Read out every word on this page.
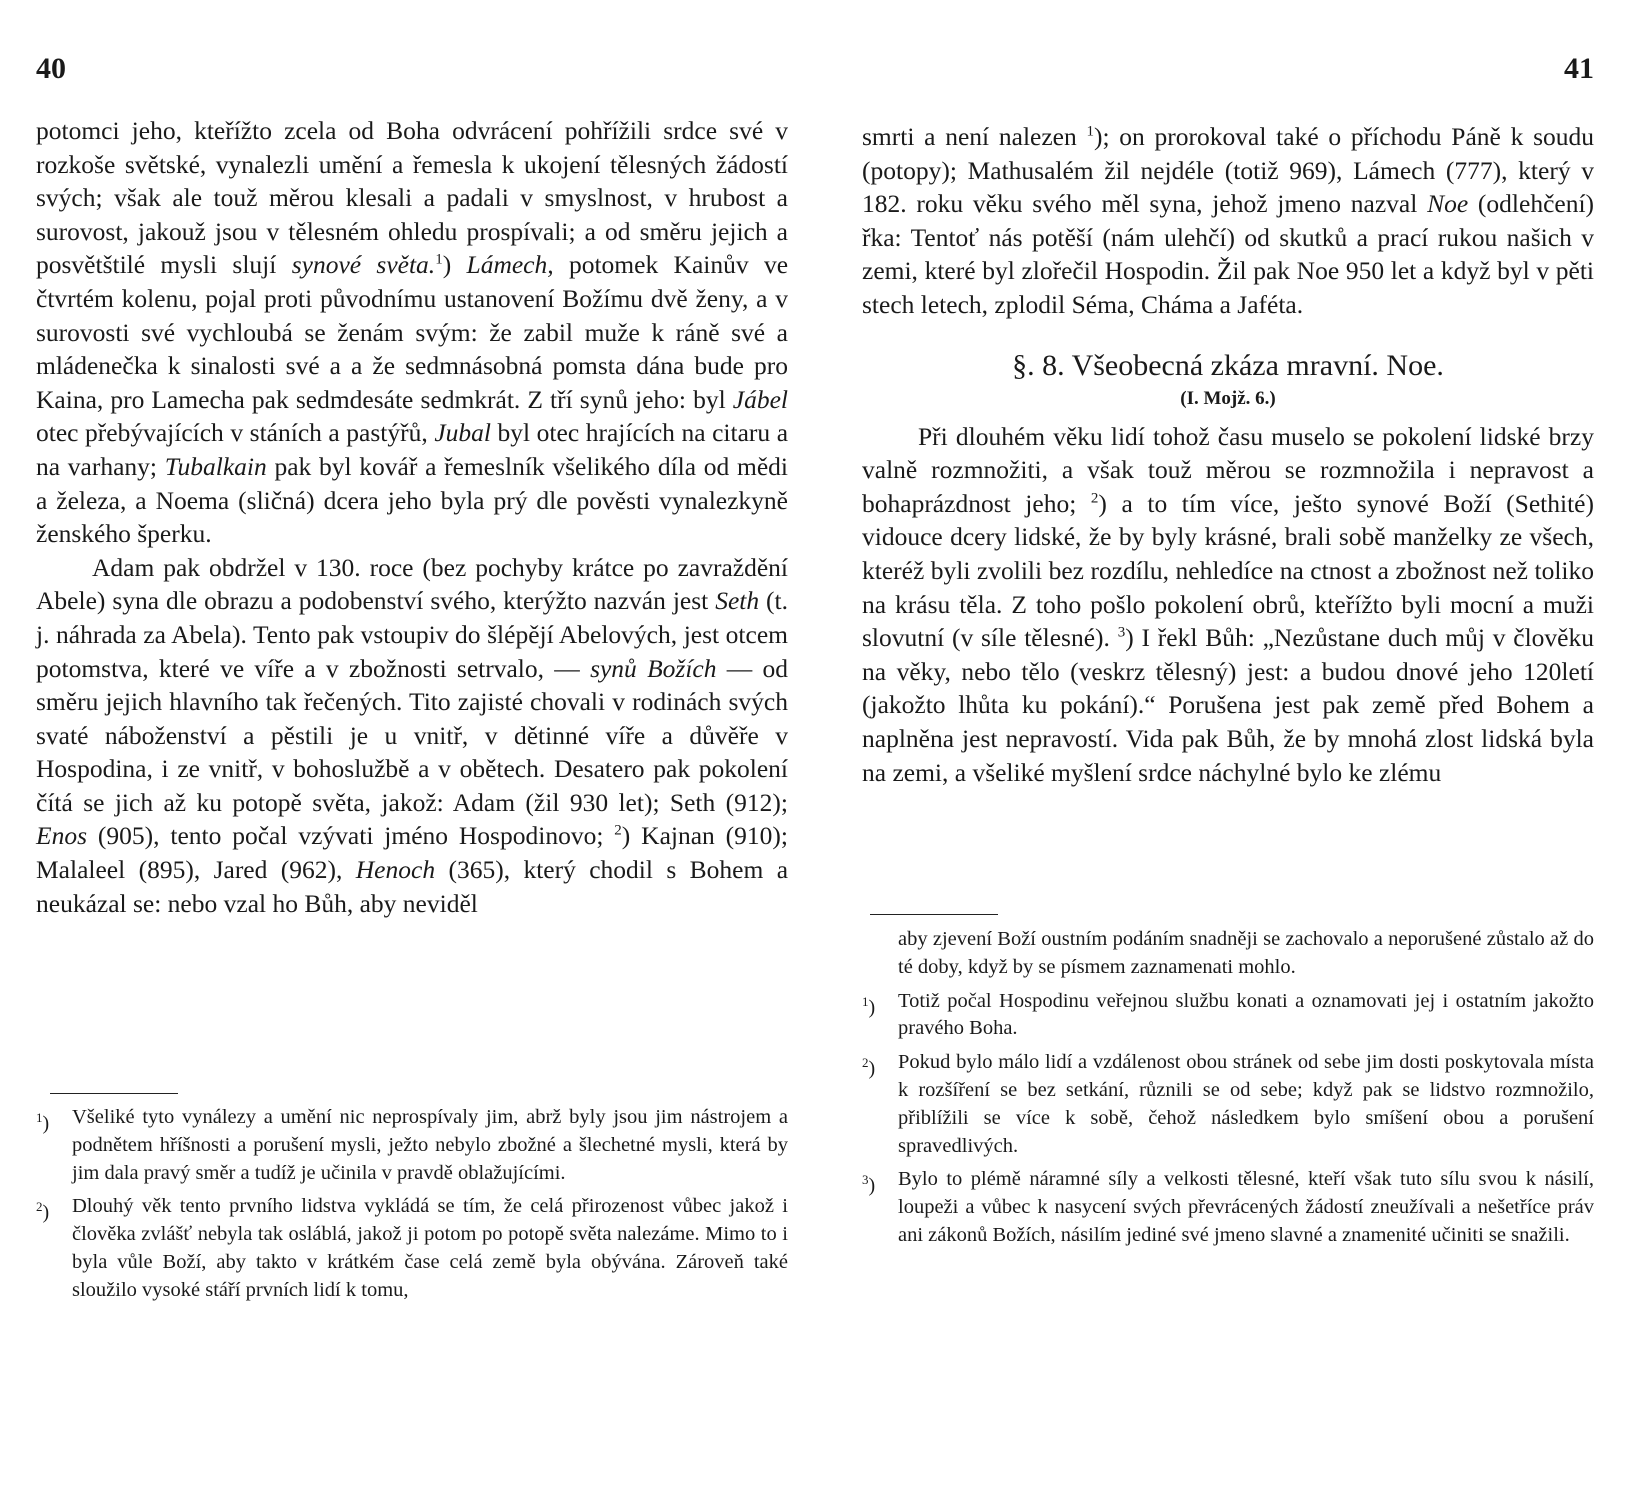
40

potomci jeho, kteřížto zcela od Boha odvrácení pohřížili srdce své v rozkoše světské, vynalezli umění a řemesla k ukojení tělesných žádostí svých; však ale touž měrou klesali a padali v smyslnost, v hrubost a surovost, jakouž jsou v tělesném ohledu prospívali; a od směru jejich a posvětštilé mysli slují synové světa.$^1$) Lámech, potomek Kainův ve čtvrtém kolenu, pojal proti původnímu ustanovení Božímu dvě ženy, a v surovosti své vychloubá se ženám svým: že zabil muže k ráně své a mládenečka k sinalosti své a a že sedmnásobná pomsta dána bude pro Kaina, pro Lamecha pak sedmdesáte sedmkrát. Z tří synů jeho: byl Jábel otec přebývajících v stáních a pastýřů, Jubal byl otec hrajících na citaru a na varhany; Tubalkain pak byl kovář a řemeslník všelikého díla od mědi a železa, a Noema (sličná) dcera jeho byla prý dle pověsti vynalezkyně ženského šperku.

Adam pak obdržel v 130. roce (bez pochyby krátce po zavraždění Abele) syna dle obrazu a podobenství svého, kterýžto nazván jest Seth (t. j. náhrada za Abela). Tento pak vstoupiv do šlépějí Abelových, jest otcem potomstva, které ve víře a v zbožnosti setrvalo, — synů Božích — od směru jejich hlavního tak řečených. Tito zajisté chovali v rodinách svých svaté náboženství a pěstili je u vnitř, v dětinné víře a důvěře v Hospodina, i ze vnitř, v bohoslužbě a v obětech. Desatero pak pokolení čítá se jich až ku potopě světa, jakož: Adam (žil 930 let); Seth (912); Enos (905), tento počal vzývati jméno Hospodinovo; $^2$) Kajnan (910); Malaleel (895), Jared (962), Henoch (365), který chodil s Bohem a neukázal se: nebo vzal ho Bůh, aby neviděl

$^1$) Všeliké tyto vynálezy a umění nic neprospívaly jim, abrž byly jsou jim nástrojem a podnětem hříšnosti a porušení mysli, ježto nebylo zbožné a šlechetné mysli, která by jim dala pravý směr a tudíž je učinila v pravdě oblažujícími.
$^2$) Dlouhý věk tento prvního lidstva vykládá se tím, že celá přirozenost vůbec jakož i člověka zvlášť nebyla tak osláblá, jakož ji potom po potopě světa nalezáme. Mimo to i byla vůle Boží, aby takto v krátkém čase celá země byla obývána. Zároveň také sloužilo vysoké stáří prvních lidí k tomu,
41

smrti a není nalezen $^1$); on prorokoval také o příchodu Páně k soudu (potopy); Mathusalém žil nejdéle (totiž 969), Lámech (777), který v 182. roku věku svého měl syna, jehož jmeno nazval Noe (odlehčení) řka: Tentoť nás potěší (nám ulehčí) od skutků a prací rukou našich v zemi, které byl zlořečil Hospodin. Žil pak Noe 950 let a když byl v pěti stech letech, zplodil Séma, Cháma a Jaféta.

§. 8. Všeobecná zkáza mravní. Noe.
(I. Mojž. 6.)

Při dlouhém věku lidí tohož času muselo se pokolení lidské brzy valně rozmnožiti, a však touž měrou se rozmnožila i nepravost a bohaprázdnost jeho; $^2$) a to tím více, ješto synové Boží (Sethité) vidouce dcery lidské, že by byly krásné, brali sobě manželky ze všech, kteréž byli zvolili bez rozdílu, nehledíce na ctnost a zbožnost než toliko na krásu těla. Z toho pošlo pokolení obrů, kteřížto byli mocní a muži slovutní (v síle tělesné). $^3$) I řekl Bůh: „Nezůstane duch můj v člověku na věky, nebo tělo (veskrz tělesný) jest: a budou dnové jeho 120letí (jakožto lhůta ku pokání).“ Porušena jest pak země před Bohem a naplněna jest nepravostí. Vida pak Bůh, že by mnohá zlost lidská byla na zemi, a všeliké myšlení srdce náchylné bylo ke zlému

aby zjevení Boží oustním podáním snadněji se zachovalo a neporušené zůstalo až do té doby, když by se písmem zaznamenati mohlo.
$^1$) Totiž počal Hospodinu veřejnou službu konati a oznamovati jej i ostatním jakožto pravého Boha.
$^2$) Pokud bylo málo lidí a vzdálenost obou stránek od sebe jim dosti poskytovala místa k rozšíření se bez setkání, různili se od sebe; když pak se lidstvo rozmnožilo, přiblížili se více k sobě, čehož následkem bylo smíšení obou a porušení spravedlivých.
$^3$) Bylo to plémě náramné síly a velkosti tělesné, kteří však tuto sílu svou k násilí, loupeži a vůbec k nasycení svých převrácených žádostí zneužívali a nešetříce práv ani zákonů Božích, násilím jediné své jmeno slavné a znamenité učiniti se snažili.
